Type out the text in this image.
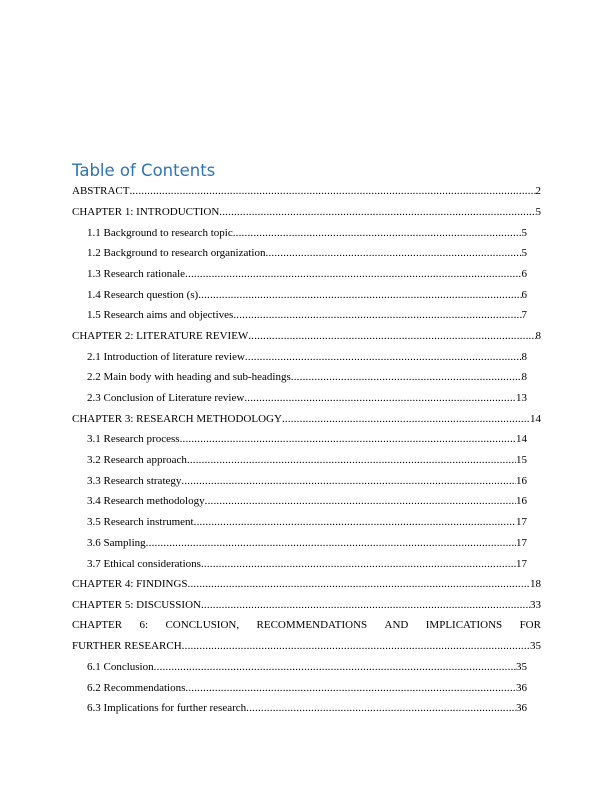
Table of Contents
ABSTRACT .....	2
CHAPTER 1: INTRODUCTION .....	5
1.1 Background to research topic .....	5
1.2 Background to research organization .....	5
1.3 Research rationale .....	6
1.4 Research question (s) .....	6
1.5 Research aims and objectives .....	7
CHAPTER 2: LITERATURE REVIEW .....	8
2.1 Introduction of literature review .....	8
2.2 Main body with heading and sub-headings .....	8
2.3 Conclusion of Literature review .....	13
CHAPTER 3: RESEARCH METHODOLOGY .....	14
3.1 Research process .....	14
3.2 Research approach .....	15
3.3 Research strategy .....	16
3.4 Research methodology .....	16
3.5 Research instrument .....	17
3.6 Sampling .....	17
3.7 Ethical considerations .....	17
CHAPTER 4: FINDINGS .....	18
CHAPTER 5: DISCUSSION .....	33
CHAPTER 6: CONCLUSION, RECOMMENDATIONS AND IMPLICATIONS FOR
FURTHER RESEARCH .....	35
6.1 Conclusion .....	35
6.2 Recommendations .....	36
6.3 Implications for further research .....	36
